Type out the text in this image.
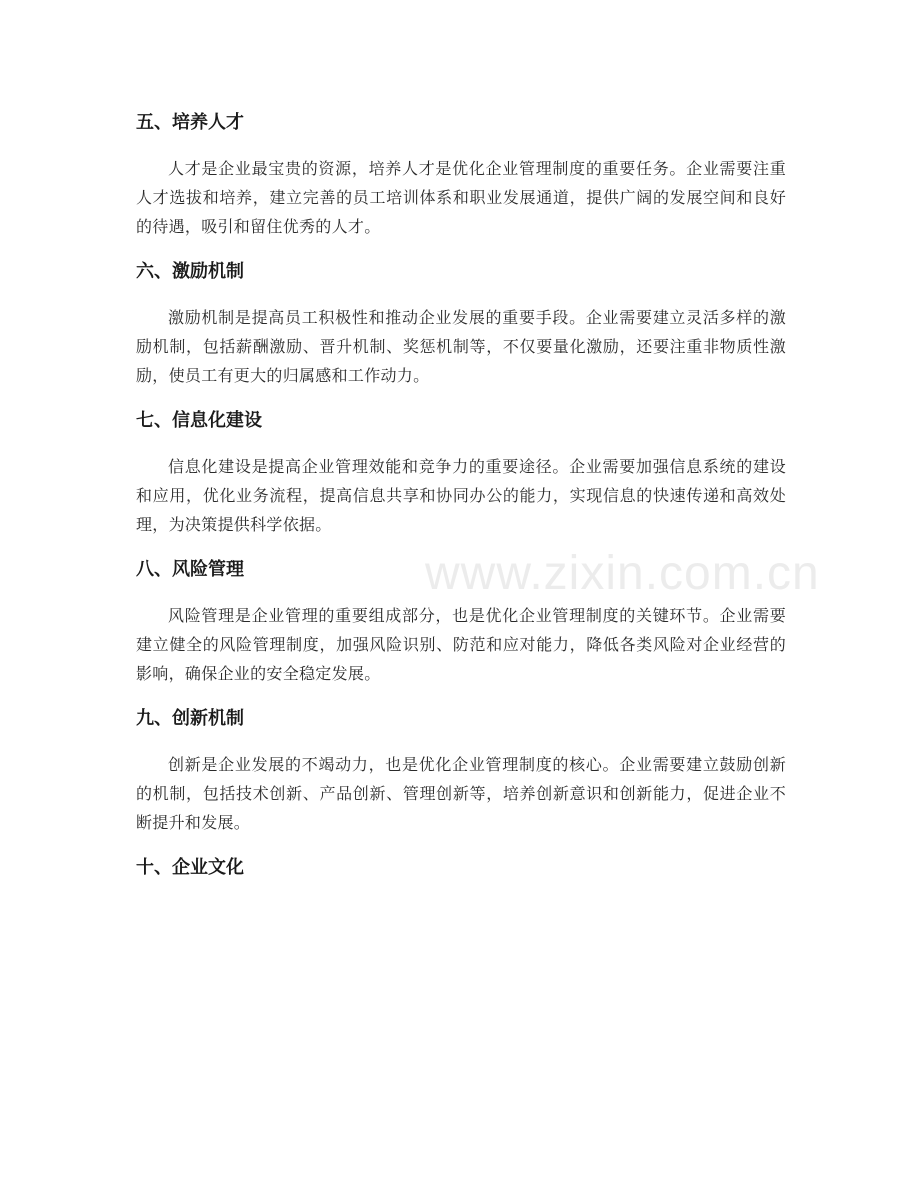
五、培养人才

人才是企业最宝贵的资源，培养人才是优化企业管理制度的重要任务。企业需要注重人才选拔和培养，建立完善的员工培训体系和职业发展通道，提供广阔的发展空间和良好的待遇，吸引和留住优秀的人才。

六、激励机制

激励机制是提高员工积极性和推动企业发展的重要手段。企业需要建立灵活多样的激励机制，包括薪酬激励、晋升机制、奖惩机制等，不仅要量化激励，还要注重非物质性激励，使员工有更大的归属感和工作动力。

七、信息化建设

信息化建设是提高企业管理效能和竞争力的重要途径。企业需要加强信息系统的建设和应用，优化业务流程，提高信息共享和协同办公的能力，实现信息的快速传递和高效处理，为决策提供科学依据。

八、风险管理

风险管理是企业管理的重要组成部分，也是优化企业管理制度的关键环节。企业需要建立健全的风险管理制度，加强风险识别、防范和应对能力，降低各类风险对企业经营的影响，确保企业的安全稳定发展。

九、创新机制

创新是企业发展的不竭动力，也是优化企业管理制度的核心。企业需要建立鼓励创新的机制，包括技术创新、产品创新、管理创新等，培养创新意识和创新能力，促进企业不断提升和发展。

十、企业文化
www.zixin.com.cn
